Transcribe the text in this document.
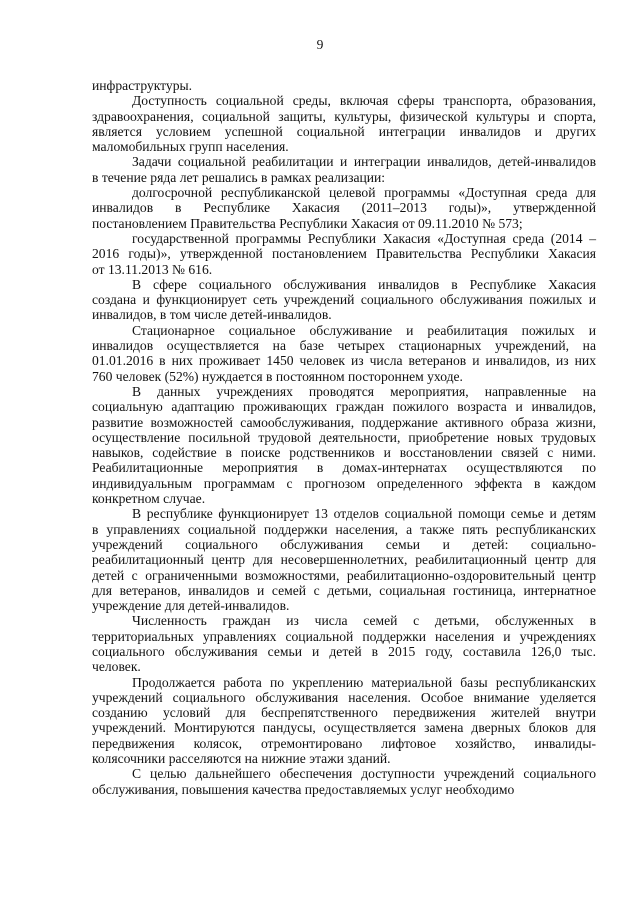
9
инфраструктуры.
Доступность социальной среды, включая сферы транспорта, образования,
здравоохранения, социальной защиты, культуры, физической культуры и спорта,
является условием успешной социальной интеграции инвалидов и других
маломобильных групп населения.
Задачи социальной реабилитации и интеграции инвалидов, детей-инвалидов
в течение ряда лет решались в рамках реализации:
долгосрочной республиканской целевой программы «Доступная среда для
инвалидов в Республике Хакасия (2011–2013 годы)», утвержденной
постановлением Правительства Республики Хакасия от 09.11.2010 № 573;
государственной программы Республики Хакасия «Доступная среда (2014 –
2016 годы)», утвержденной постановлением Правительства Республики Хакасия
от 13.11.2013 № 616.
В сфере социального обслуживания инвалидов в Республике Хакасия
создана и функционирует сеть учреждений социального обслуживания пожилых и
инвалидов, в том числе детей-инвалидов.
Стационарное социальное обслуживание и реабилитация пожилых и
инвалидов осуществляется на базе четырех стационарных учреждений, на
01.01.2016 в них проживает 1450 человек из числа ветеранов и инвалидов, из них
760 человек (52%) нуждается в постоянном постороннем уходе.
В данных учреждениях проводятся мероприятия, направленные на
социальную адаптацию проживающих граждан пожилого возраста и инвалидов,
развитие возможностей самообслуживания, поддержание активного образа жизни,
осуществление посильной трудовой деятельности, приобретение новых трудовых
навыков, содействие в поиске родственников и восстановлении связей с ними.
Реабилитационные мероприятия в домах-интернатах осуществляются по
индивидуальным программам с прогнозом определенного эффекта в каждом
конкретном случае.
В республике функционирует 13 отделов социальной помощи семье и детям
в управлениях социальной поддержки населения, а также пять республиканских
учреждений социального обслуживания семьи и детей: социально-
реабилитационный центр для несовершеннолетних, реабилитационный центр для
детей с ограниченными возможностями, реабилитационно-оздоровительный центр
для ветеранов, инвалидов и семей с детьми, социальная гостиница, интернатное
учреждение для детей-инвалидов.
Численность граждан из числа семей с детьми, обслуженных в
территориальных управлениях социальной поддержки населения и учреждениях
социального обслуживания семьи и детей в 2015 году, составила 126,0 тыс.
человек.
Продолжается работа по укреплению материальной базы республиканских
учреждений социального обслуживания населения. Особое внимание уделяется
созданию условий для беспрепятственного передвижения жителей внутри
учреждений. Монтируются пандусы, осуществляется замена дверных блоков для
передвижения колясок, отремонтировано лифтовое хозяйство, инвалиды-
колясочники расселяются на нижние этажи зданий.
С целью дальнейшего обеспечения доступности учреждений социального
обслуживания, повышения качества предоставляемых услуг необходимо
